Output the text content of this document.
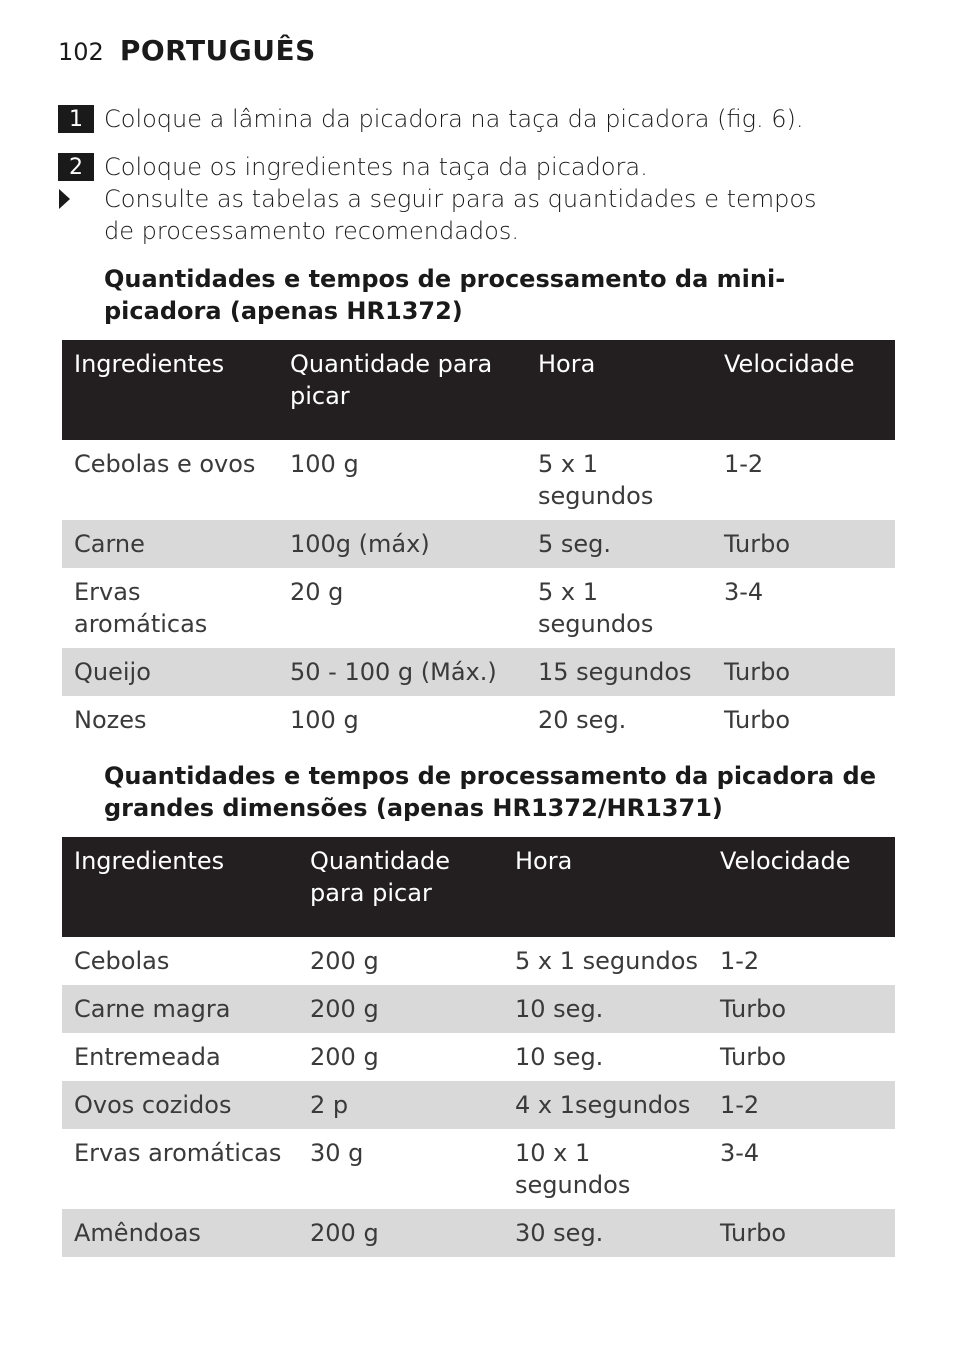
102 PORTUGUÊS
1 Coloque a lâmina da picadora na taça da picadora (fig. 6).
2 Coloque os ingredientes na taça da picadora.
Consulte as tabelas a seguir para as quantidades e tempos de processamento recomendados.
Quantidades e tempos de processamento da mini-picadora (apenas HR1372)
Ingredientes	Quantidade para picar	Hora	Velocidade
Cebolas e ovos	100 g	5 x 1 segundos	1-2
Carne	100g (máx)	5 seg.	Turbo
Ervas aromáticas	20 g	5 x 1 segundos	3-4
Queijo	50 - 100 g (Máx.)	15 segundos	Turbo
Nozes	100 g	20 seg.	Turbo
Quantidades e tempos de processamento da picadora de grandes dimensões (apenas HR1372/HR1371)
Ingredientes	Quantidade para picar	Hora	Velocidade
Cebolas	200 g	5 x 1 segundos	1-2
Carne magra	200 g	10 seg.	Turbo
Entremeada	200 g	10 seg.	Turbo
Ovos cozidos	2 p	4 x 1segundos	1-2
Ervas aromáticas	30 g	10 x 1 segundos	3-4
Amêndoas	200 g	30 seg.	Turbo
